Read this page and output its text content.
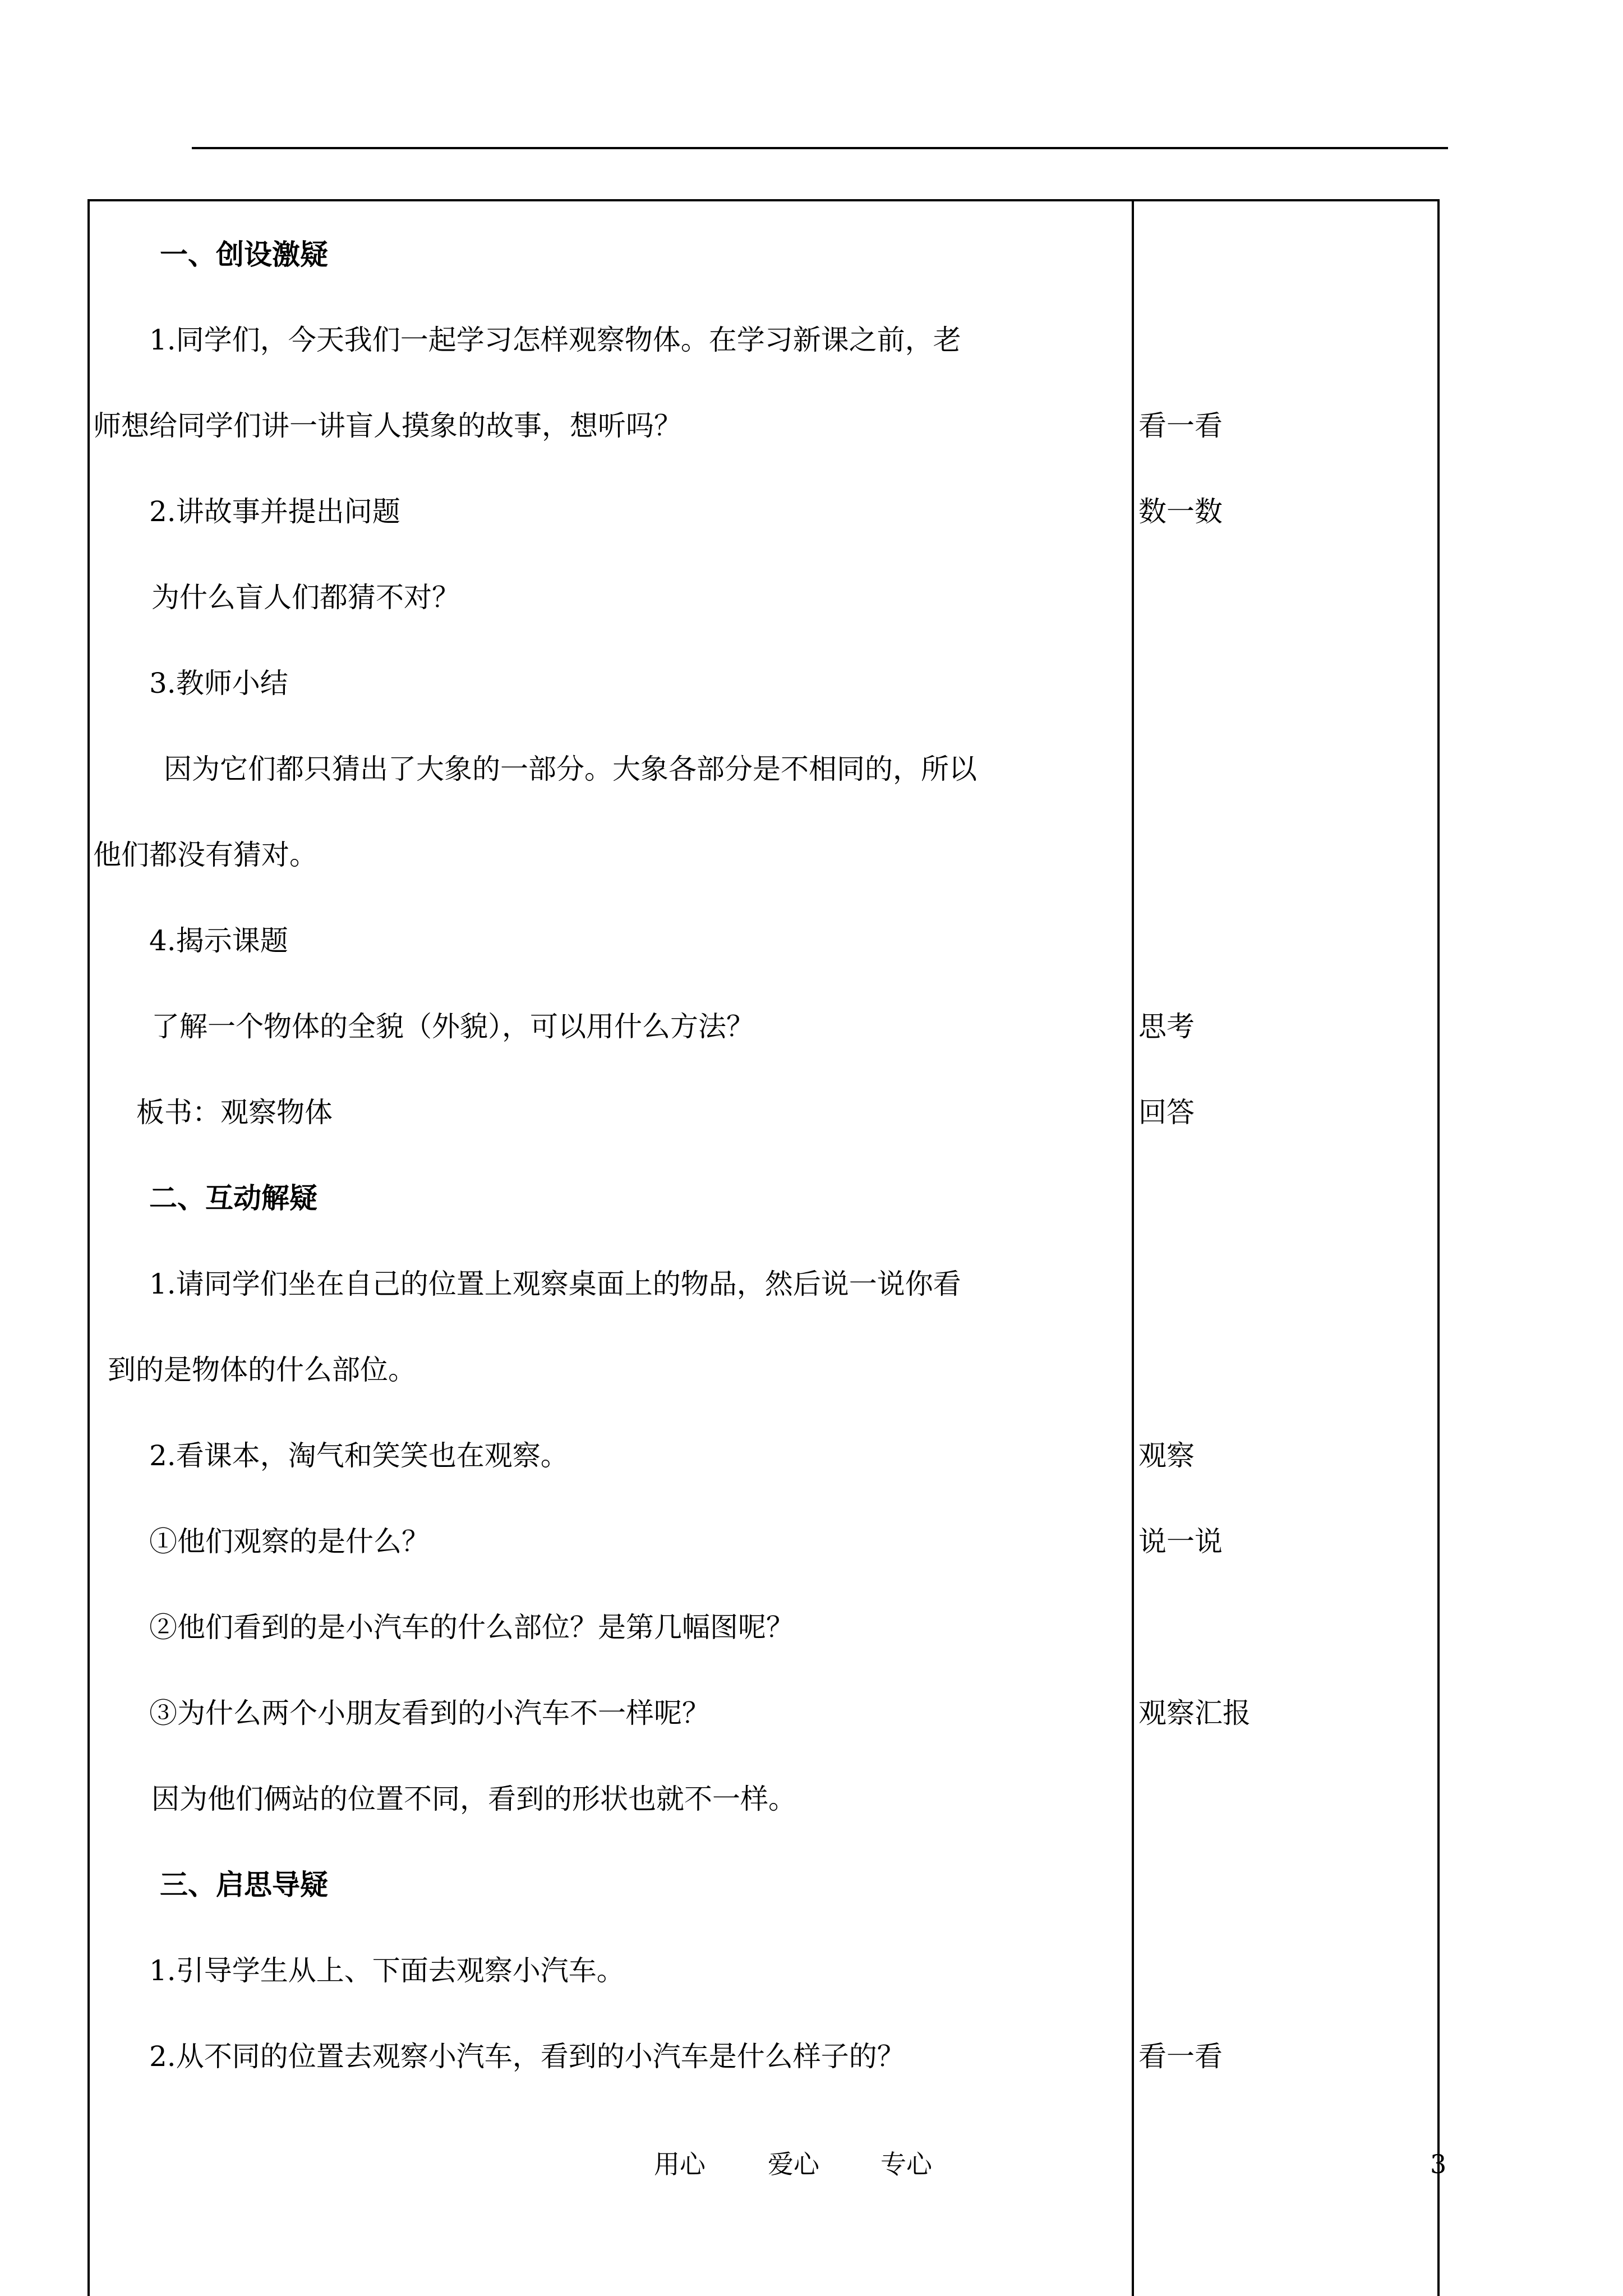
一、创设激疑
1.同学们，今天我们一起学习怎样观察物体。在学习新课之前，老
师想给同学们讲一讲盲人摸象的故事，想听吗？
2.讲故事并提出问题
为什么盲人们都猜不对？
3.教师小结
因为它们都只猜出了大象的一部分。大象各部分是不相同的，所以
他们都没有猜对。
4.揭示课题
了解一个物体的全貌（外貌），可以用什么方法？
板书：观察物体
二、互动解疑
1.请同学们坐在自己的位置上观察桌面上的物品，然后说一说你看
到的是物体的什么部位。
2.看课本，淘气和笑笑也在观察。
①他们观察的是什么？
②他们看到的是小汽车的什么部位？是第几幅图呢？
③为什么两个小朋友看到的小汽车不一样呢？
因为他们俩站的位置不同，看到的形状也就不一样。
三、启思导疑
1.引导学生从上、下面去观察小汽车。
2.从不同的位置去观察小汽车，看到的小汽车是什么样子的？
看一看
数一数
思考
回答
观察
说一说
观察汇报
看一看
用心 爱心 专心	3
